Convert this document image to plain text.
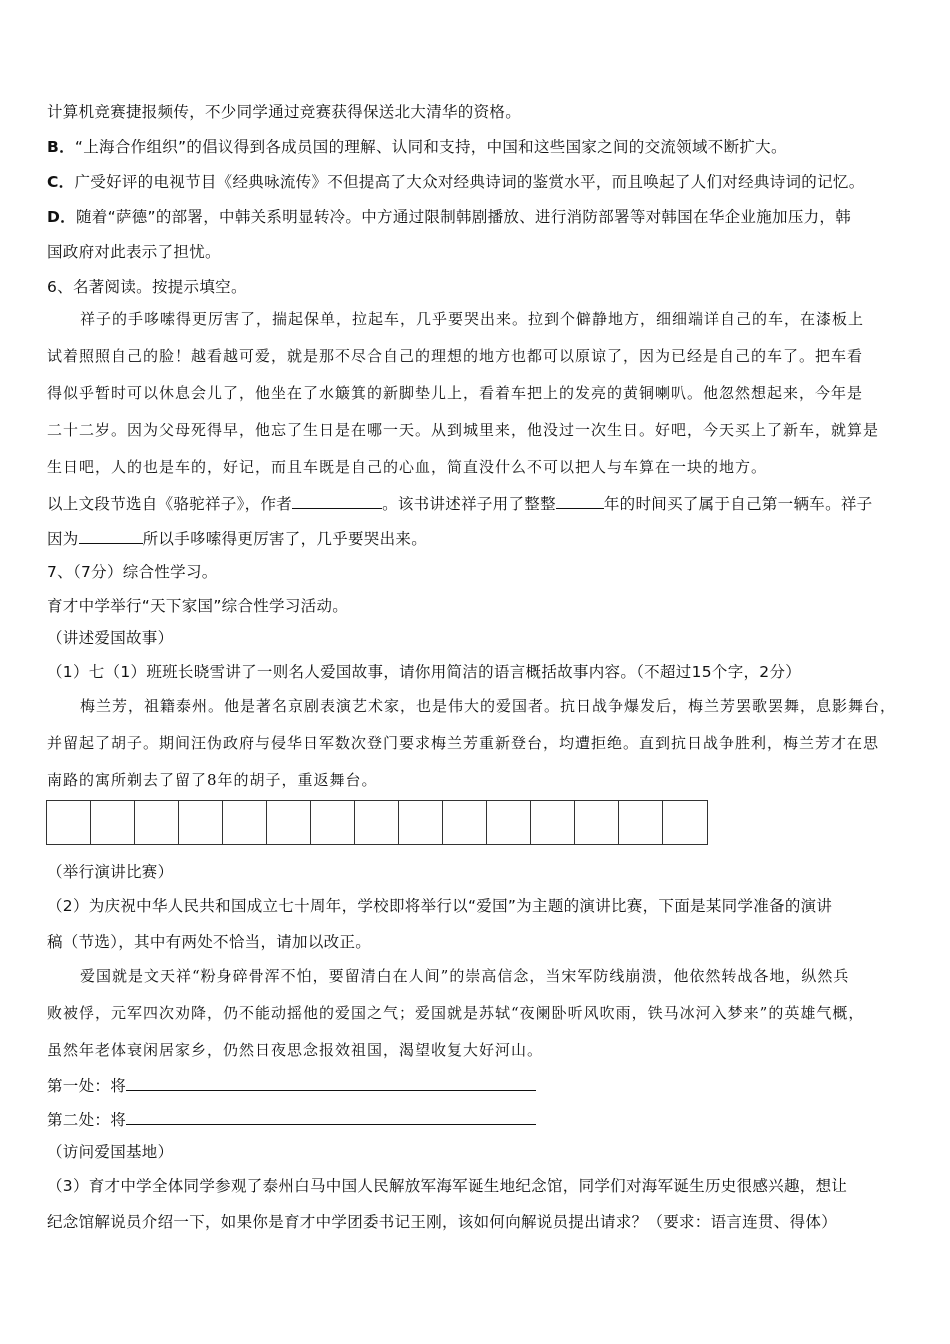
计算机竞赛捷报频传，不少同学通过竞赛获得保送北大清华的资格。
B．“上海合作组织”的倡议得到各成员国的理解、认同和支持，中国和这些国家之间的交流领域不断扩大。
C．广受好评的电视节目《经典咏流传》不但提高了大众对经典诗词的鉴赏水平，而且唤起了人们对经典诗词的记忆。
D．随着“萨德”的部署，中韩关系明显转冷。中方通过限制韩剧播放、进行消防部署等对韩国在华企业施加压力，韩
国政府对此表示了担忧。
6、名著阅读。按提示填空。
祥子的手哆嗦得更厉害了，揣起保单，拉起车，几乎要哭出来。拉到个僻静地方，细细端详自己的车，在漆板上
试着照照自己的脸！越看越可爱，就是那不尽合自己的理想的地方也都可以原谅了，因为已经是自己的车了。把车看
得似乎暂时可以休息会儿了，他坐在了水簸箕的新脚垫儿上，看着车把上的发亮的黄铜喇叭。他忽然想起来，今年是
二十二岁。因为父母死得早，他忘了生日是在哪一天。从到城里来，他没过一次生日。好吧，今天买上了新车，就算是
生日吧，人的也是车的，好记，而且车既是自己的心血，简直没什么不可以把人与车算在一块的地方。
以上文段节选自《骆驼祥子》，作者	。该书讲述祥子用了整整	年的时间买了属于自己第一辆车。祥子
因为	所以手哆嗦得更厉害了，几乎要哭出来。
7、（7分）综合性学习。
育才中学举行“天下家国”综合性学习活动。
（讲述爱国故事）
（1）七（1）班班长晓雪讲了一则名人爱国故事，请你用简洁的语言概括故事内容。（不超过15个字，2分）
梅兰芳，祖籍泰州。他是著名京剧表演艺术家，也是伟大的爱国者。抗日战争爆发后，梅兰芳罢歌罢舞，息影舞台，
并留起了胡子。期间汪伪政府与侵华日军数次登门要求梅兰芳重新登台，均遭拒绝。直到抗日战争胜利，梅兰芳才在思
南路的寓所剃去了留了8年的胡子，重返舞台。
（举行演讲比赛）
（2）为庆祝中华人民共和国成立七十周年，学校即将举行以“爱国”为主题的演讲比赛，下面是某同学准备的演讲
稿（节选），其中有两处不恰当，请加以改正。
爱国就是文天祥“粉身碎骨浑不怕，要留清白在人间”的崇高信念，当宋军防线崩溃，他依然转战各地，纵然兵
败被俘，元军四次劝降，仍不能动摇他的爱国之气；爱国就是苏轼“夜阑卧听风吹雨，铁马冰河入梦来”的英雄气概，
虽然年老体衰闲居家乡，仍然日夜思念报效祖国，渴望收复大好河山。
第一处：将
第二处：将
（访问爱国基地）
（3）育才中学全体同学参观了泰州白马中国人民解放军海军诞生地纪念馆，同学们对海军诞生历史很感兴趣，想让
纪念馆解说员介绍一下，如果你是育才中学团委书记王刚，该如何向解说员提出请求？（要求：语言连贯、得体）
